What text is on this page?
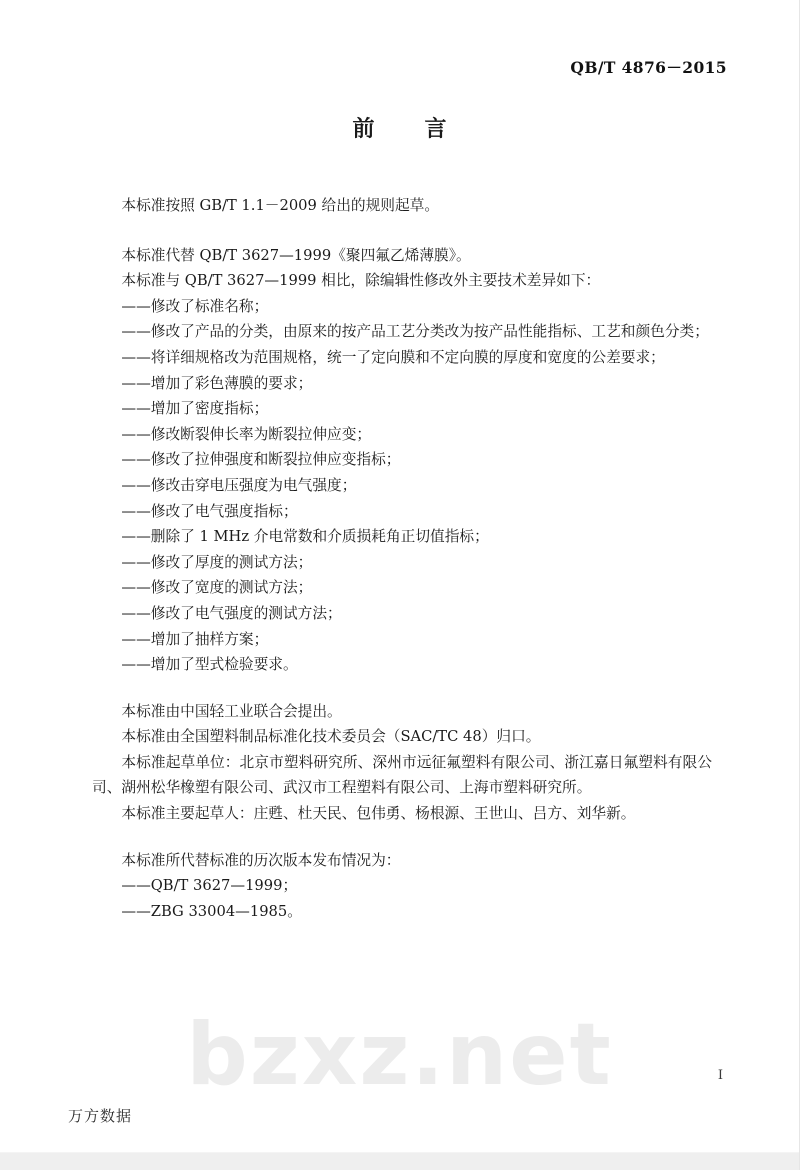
bzxz.net
QB/T 4876－2015
前　言

本标准按照 GB/T 1.1－2009 给出的规则起草。

本标准代替 QB/T 3627—1999《聚四氟乙烯薄膜》。

本标准与 QB/T 3627—1999 相比，除编辑性修改外主要技术差异如下：

——修改了标准名称；

——修改了产品的分类，由原来的按产品工艺分类改为按产品性能指标、工艺和颜色分类；

——将详细规格改为范围规格，统一了定向膜和不定向膜的厚度和宽度的公差要求；

——增加了彩色薄膜的要求；

——增加了密度指标；

——修改断裂伸长率为断裂拉伸应变；

——修改了拉伸强度和断裂拉伸应变指标；

——修改击穿电压强度为电气强度；

——修改了电气强度指标；

——删除了 1 MHz 介电常数和介质损耗角正切值指标；

——修改了厚度的测试方法；

——修改了宽度的测试方法；

——修改了电气强度的测试方法；

——增加了抽样方案；

——增加了型式检验要求。

本标准由中国轻工业联合会提出。

本标准由全国塑料制品标准化技术委员会（SAC/TC 48）归口。

本标准起草单位：北京市塑料研究所、深州市远征氟塑料有限公司、浙江嘉日氟塑料有限公司、湖州松华橡塑有限公司、武汉市工程塑料有限公司、上海市塑料研究所。

本标准主要起草人：庄甦、杜天民、包伟勇、杨根源、王世山、吕方、刘华新。

本标准所代替标准的历次版本发布情况为：

——QB/T 3627—1999；

——ZBG 33004—1985。

I
万方数据
